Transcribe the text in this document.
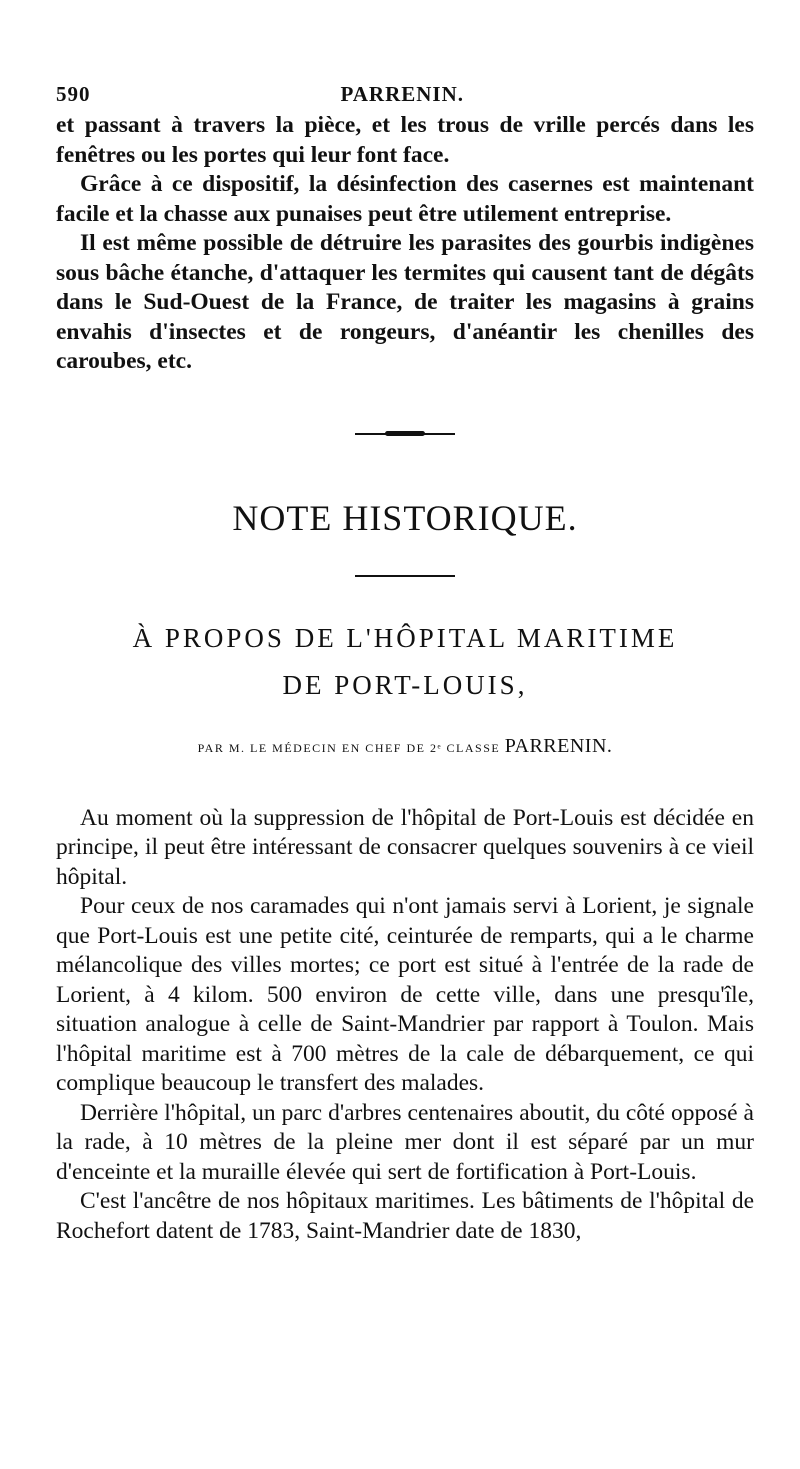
590	PARRENIN.

et passant à travers la pièce, et les trous de vrille percés dans les fenêtres ou les portes qui leur font face.

Grâce à ce dispositif, la désinfection des casernes est maintenant facile et la chasse aux punaises peut être utilement entreprise.

Il est même possible de détruire les parasites des gourbis indigènes sous bâche étanche, d'attaquer les termites qui causent tant de dégâts dans le Sud-Ouest de la France, de traiter les magasins à grains envahis d'insectes et de rongeurs, d'anéantir les chenilles des caroubes, etc.

NOTE HISTORIQUE.
À PROPOS DE L'HÔPITAL MARITIME
DE PORT-LOUIS,
PAR M. LE MÉDECIN EN CHEF DE 2ᵉ CLASSE PARRENIN.

Au moment où la suppression de l'hôpital de Port-Louis est décidée en principe, il peut être intéressant de consacrer quelques souvenirs à ce vieil hôpital.

Pour ceux de nos caramades qui n'ont jamais servi à Lorient, je signale que Port-Louis est une petite cité, ceinturée de remparts, qui a le charme mélancolique des villes mortes; ce port est situé à l'entrée de la rade de Lorient, à 4 kilom. 500 environ de cette ville, dans une presqu'île, situation analogue à celle de Saint-Mandrier par rapport à Toulon. Mais l'hôpital maritime est à 700 mètres de la cale de débarquement, ce qui complique beaucoup le transfert des malades.

Derrière l'hôpital, un parc d'arbres centenaires aboutit, du côté opposé à la rade, à 10 mètres de la pleine mer dont il est séparé par un mur d'enceinte et la muraille élevée qui sert de fortification à Port-Louis.

C'est l'ancêtre de nos hôpitaux maritimes. Les bâtiments de l'hôpital de Rochefort datent de 1783, Saint-Mandrier date de 1830,
